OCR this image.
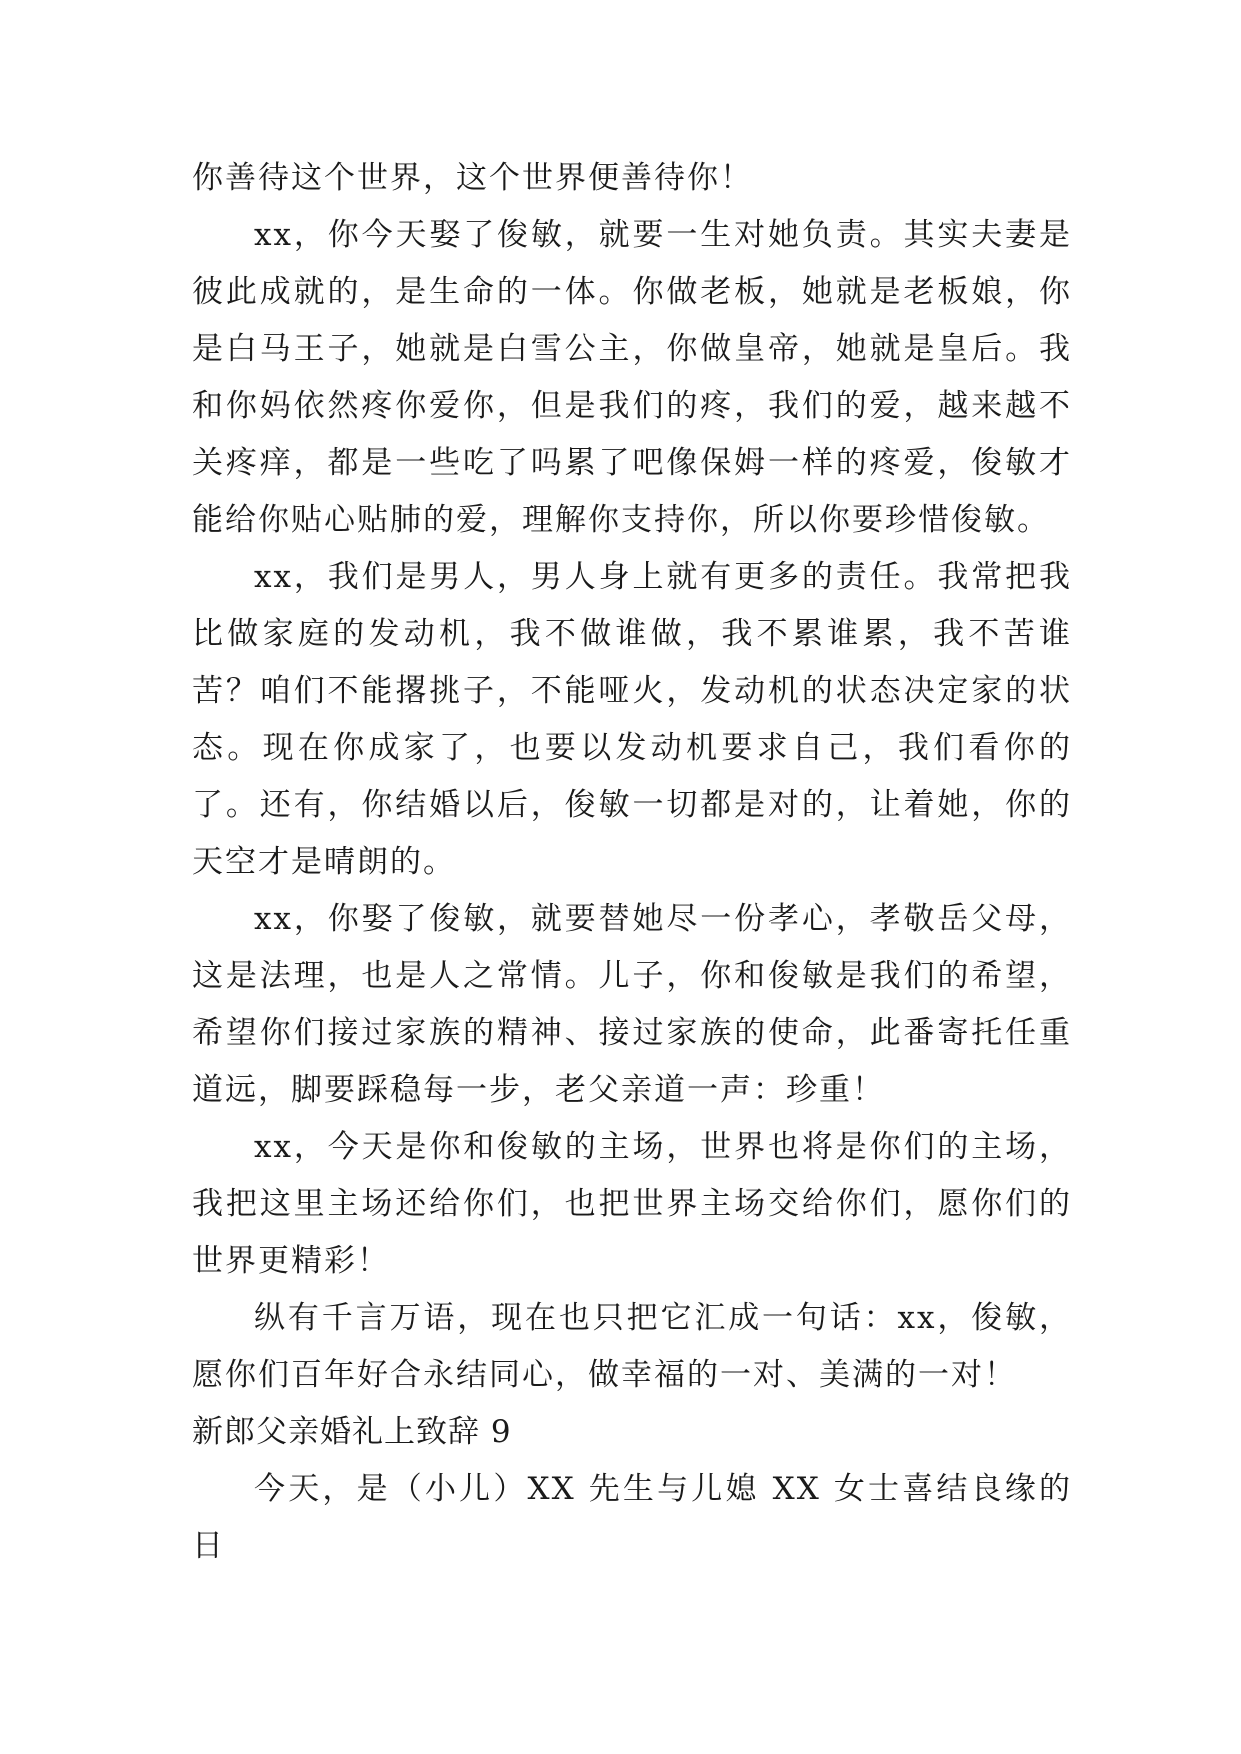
你善待这个世界，这个世界便善待你！

xx，你今天娶了俊敏，就要一生对她负责。其实夫妻是彼此成就的，是生命的一体。你做老板，她就是老板娘，你是白马王子，她就是白雪公主，你做皇帝，她就是皇后。我和你妈依然疼你爱你，但是我们的疼，我们的爱，越来越不关疼痒，都是一些吃了吗累了吧像保姆一样的疼爱，俊敏才能给你贴心贴肺的爱，理解你支持你，所以你要珍惜俊敏。

xx，我们是男人，男人身上就有更多的责任。我常把我比做家庭的发动机，我不做谁做，我不累谁累，我不苦谁苦？咱们不能撂挑子，不能哑火，发动机的状态决定家的状态。现在你成家了，也要以发动机要求自己，我们看你的了。还有，你结婚以后，俊敏一切都是对的，让着她，你的天空才是晴朗的。

xx，你娶了俊敏，就要替她尽一份孝心，孝敬岳父母，这是法理，也是人之常情。儿子，你和俊敏是我们的希望，希望你们接过家族的精神、接过家族的使命，此番寄托任重道远，脚要踩稳每一步，老父亲道一声：珍重！

xx，今天是你和俊敏的主场，世界也将是你们的主场，我把这里主场还给你们，也把世界主场交给你们，愿你们的世界更精彩！

纵有千言万语，现在也只把它汇成一句话：xx，俊敏，愿你们百年好合永结同心，做幸福的一对、美满的一对！

新郎父亲婚礼上致辞 9

今天，是（小儿）XX 先生与儿媳 XX 女士喜结良缘的日
